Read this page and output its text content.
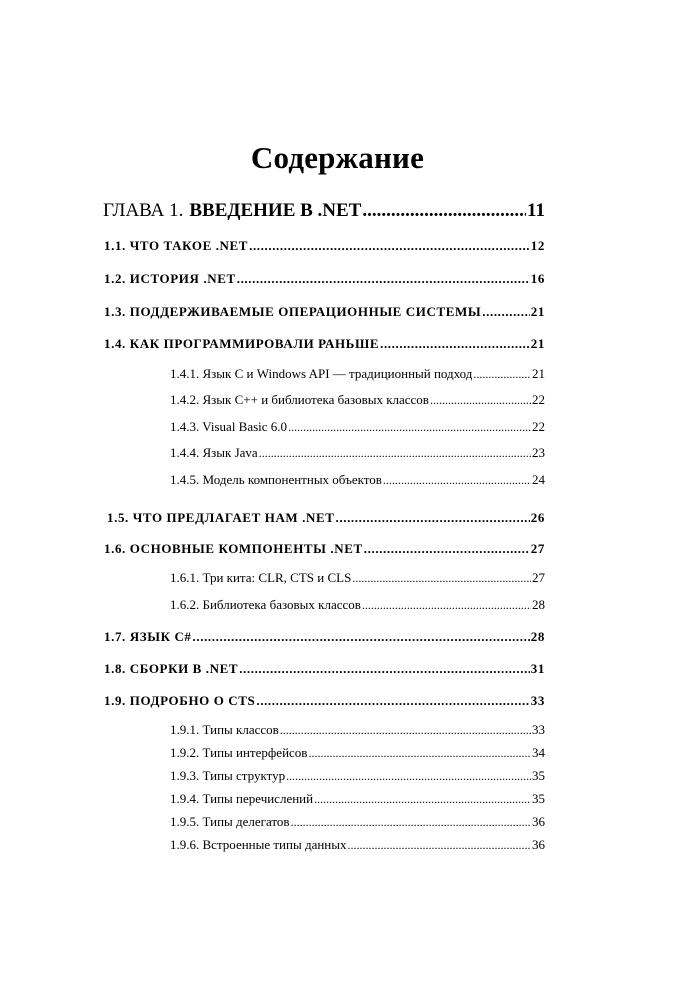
Содержание
ГЛАВА 1. ВВЕДЕНИЕ В .NET .....	11
1.1. ЧТО ТАКОЕ .NET .....	12
1.2. ИСТОРИЯ .NET .....	16
1.3. ПОДДЕРЖИВАЕМЫЕ ОПЕРАЦИОННЫЕ СИСТЕМЫ .....	21
1.4. КАК ПРОГРАММИРОВАЛИ РАНЬШЕ .....	21
1.4.1. Язык С и Windows API — традиционный подход .....	21
1.4.2. Язык С++ и библиотека базовых классов .....	22
1.4.3. Visual Basic 6.0 .....	22
1.4.4. Язык Java .....	23
1.4.5. Модель компонентных объектов .....	24
1.5. ЧТО ПРЕДЛАГАЕТ НАМ .NET .....	26
1.6. ОСНОВНЫЕ КОМПОНЕНТЫ .NET .....	27
1.6.1. Три кита: CLR, CTS и CLS .....	27
1.6.2. Библиотека базовых классов .....	28
1.7. ЯЗЫК С# .....	28
1.8. СБОРКИ В .NET .....	31
1.9. ПОДРОБНО О CTS .....	33
1.9.1. Типы классов .....	33
1.9.2. Типы интерфейсов .....	34
1.9.3. Типы структур .....	35
1.9.4. Типы перечислений .....	35
1.9.5. Типы делегатов .....	36
1.9.6. Встроенные типы данных .....	36
